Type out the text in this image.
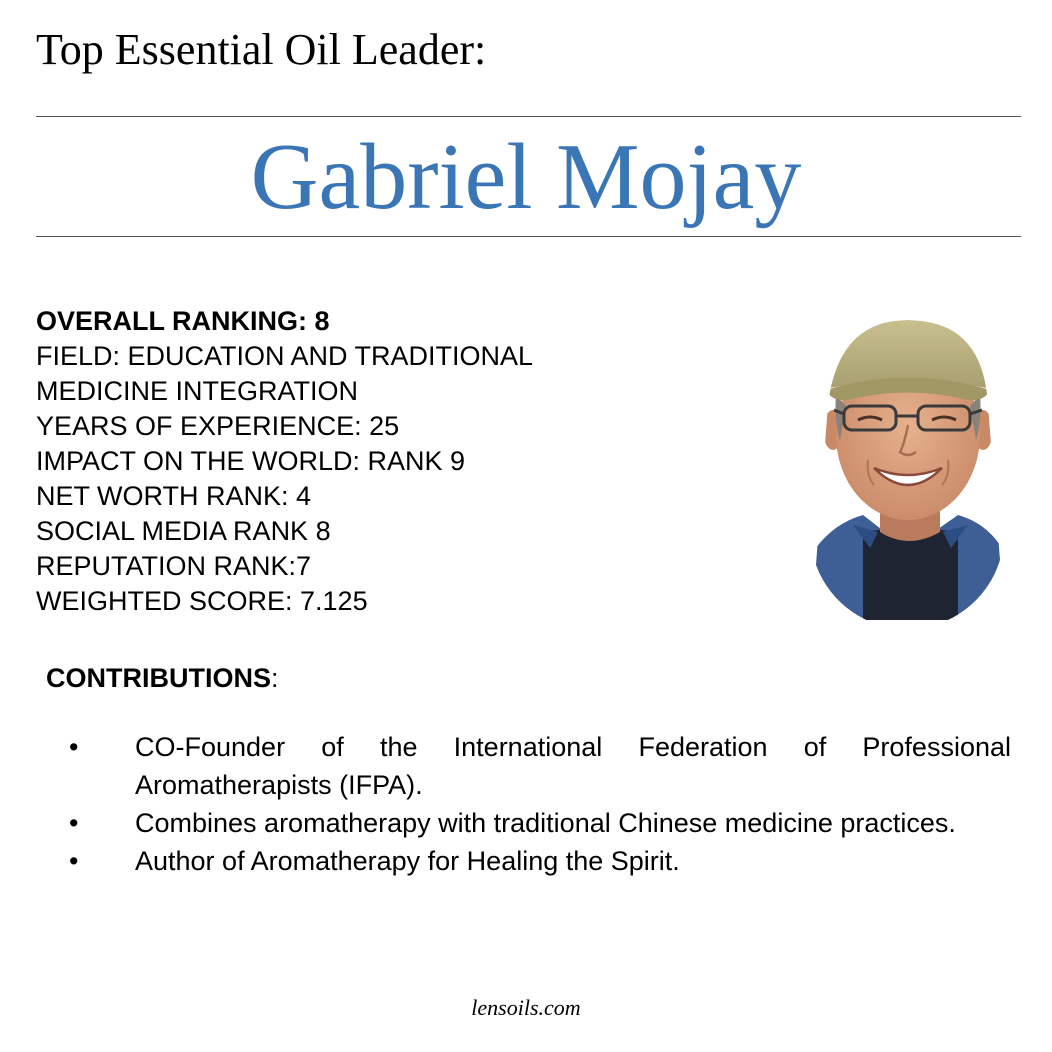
Top Essential Oil Leader:
Gabriel Mojay
OVERALL RANKING: 8
FIELD: EDUCATION AND TRADITIONAL
MEDICINE INTEGRATION
YEARS OF EXPERIENCE: 25
IMPACT ON THE WORLD: RANK 9
NET WORTH RANK: 4
SOCIAL MEDIA RANK 8
REPUTATION RANK:7
WEIGHTED SCORE: 7.125
CONTRIBUTIONS:
• CO-Founder of the International Federation of Professional Aromatherapists (IFPA).
• Combines aromatherapy with traditional Chinese medicine practices.
• Author of Aromatherapy for Healing the Spirit.
lensoils.com
